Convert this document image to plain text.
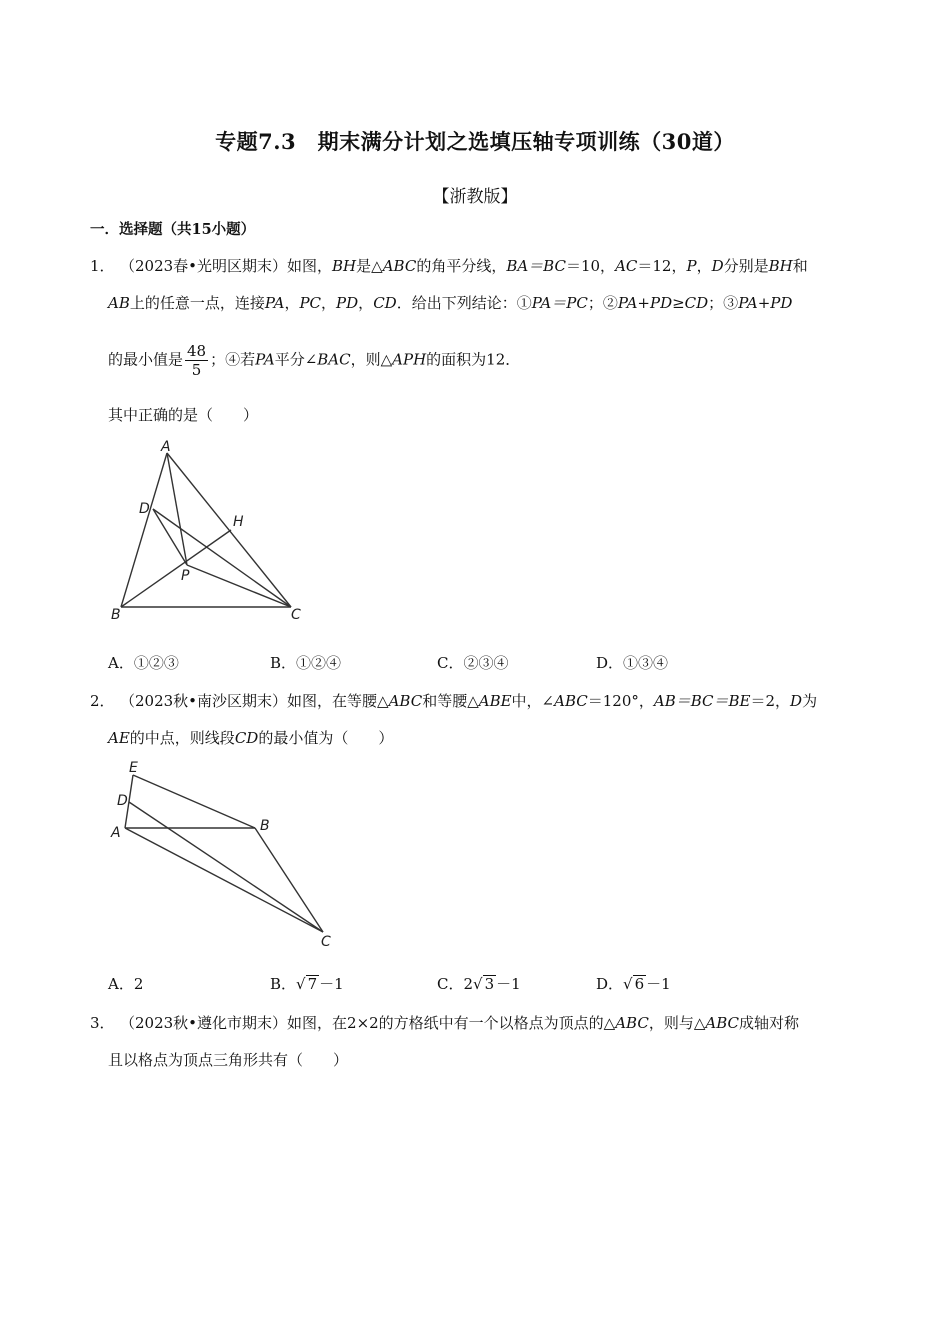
专题7.3　期末满分计划之选填压轴专项训练（30道）
【浙教版】
一．选择题（共15小题）
1． （2023春•光明区期末）如图，BH是△ABC的角平分线，BA＝BC＝10，AC＝12，P，D分别是BH和
AB上的任意一点，连接PA，PC，PD，CD．给出下列结论：①PA＝PC；②PA+PD≥CD；③PA+PD
的最小值是 $\frac{48}{5}$ ；④若PA平分∠BAC，则△APH的面积为12．
其中正确的是（　　）
A
D
H
P
B	C
A．①②③	B．①②④	C．②③④	D．①③④
2． （2023秋•南沙区期末）如图，在等腰△ABC和等腰△ABE中，∠ABC＝120°，AB＝BC＝BE＝2，D为
AE的中点，则线段CD的最小值为（　　）
E
D
A	B
C
A．2	B．√ 7 －1	C．2√ 3 －1	D．√ 6 －1
3． （2023秋•遵化市期末）如图，在2×2的方格纸中有一个以格点为顶点的△ABC，则与△ABC成轴对称
且以格点为顶点三角形共有（　　）
